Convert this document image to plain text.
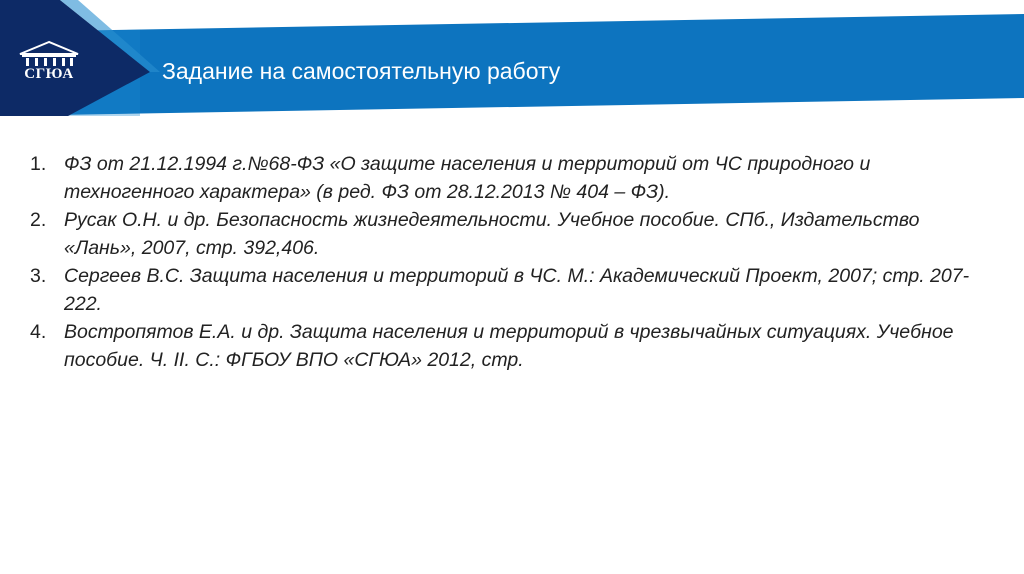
СГЮА	Задание на самостоятельную работу
1. ФЗ от 21.12.1994 г.№68-ФЗ «О защите населения и территорий от ЧС природного и техногенного характера» (в ред. ФЗ от 28.12.2013 № 404 – ФЗ).
2. Русак О.Н. и др. Безопасность жизнедеятельности. Учебное пособие. СПб., Издательство «Лань», 2007, стр. 392,406.
3. Сергеев В.С. Защита населения и территорий в ЧС. М.: Академический Проект, 2007; стр. 207-222.
4. Востропятов Е.А. и др. Защита населения и территорий в чрезвычайных ситуациях. Учебное пособие. Ч. II. С.: ФГБОУ ВПО «СГЮА» 2012, стр.
